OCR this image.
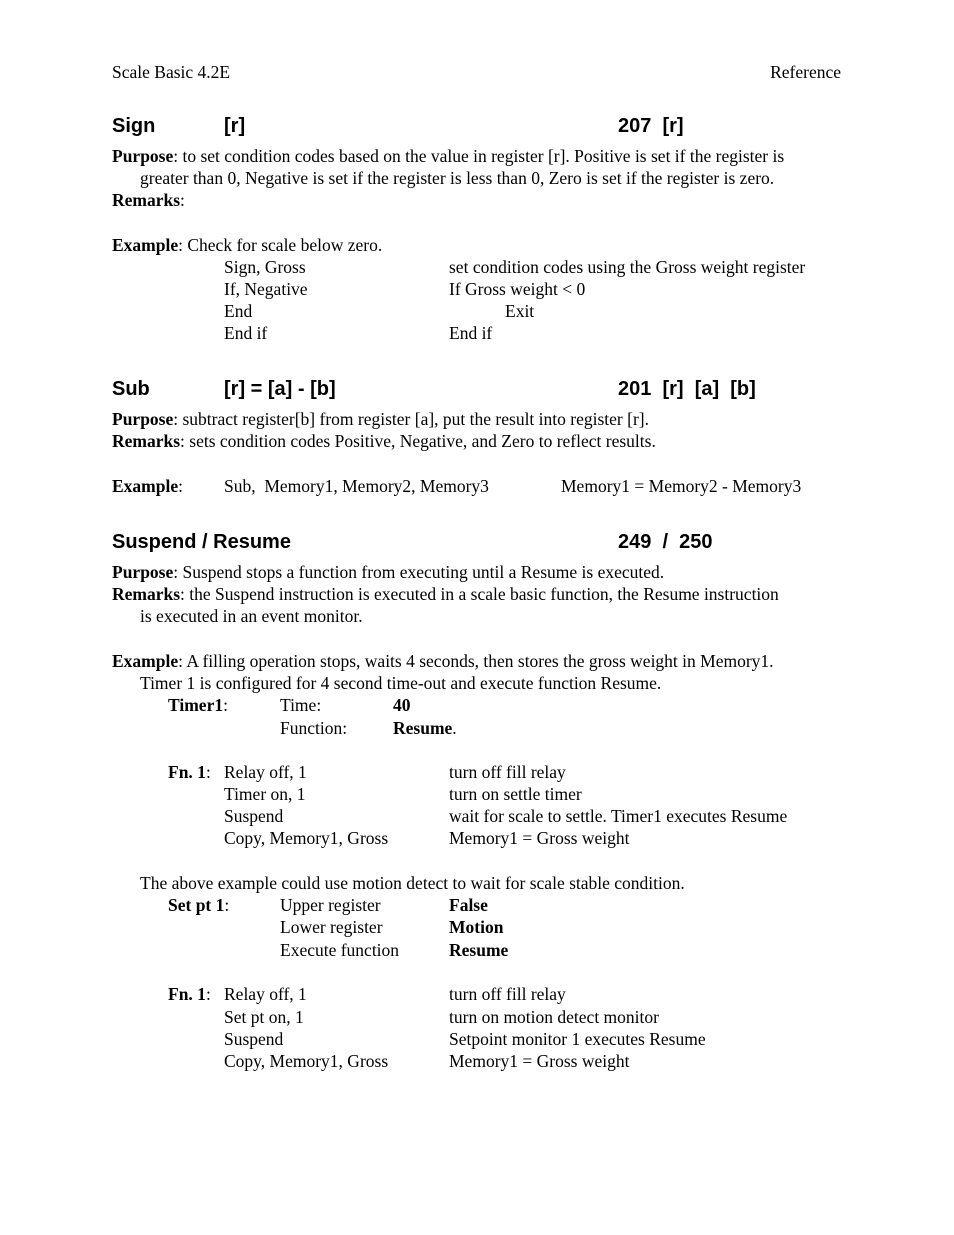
Scale Basic 4.2E	Reference
Sign	[r]	207  [r]
Purpose: to set condition codes based on the value in register [r]. Positive is set if the register is
greater than 0, Negative is set if the register is less than 0, Zero is set if the register is zero.
Remarks:
Example: Check for scale below zero.
Sign, Gross	set condition codes using the Gross weight register
If, Negative	If Gross weight < 0
End	Exit
End if	End if
Sub	[r] = [a] - [b]	201  [r]  [a]  [b]
Purpose: subtract register[b] from register [a], put the result into register [r].
Remarks: sets condition codes Positive, Negative, and Zero to reflect results.
Example: Sub,  Memory1, Memory2, Memory3	Memory1 = Memory2 - Memory3
Suspend / Resume	249  /  250
Purpose: Suspend stops a function from executing until a Resume is executed.
Remarks: the Suspend instruction is executed in a scale basic function, the Resume instruction
is executed in an event monitor.
Example: A filling operation stops, waits 4 seconds, then stores the gross weight in Memory1.
Timer 1 is configured for 4 second time-out and execute function Resume.
Timer1:	Time:	40
Function:	Resume.
Fn. 1: Relay off, 1	turn off fill relay
Timer on, 1	turn on settle timer
Suspend	wait for scale to settle. Timer1 executes Resume
Copy, Memory1, Gross	Memory1 = Gross weight
The above example could use motion detect to wait for scale stable condition.
Set pt 1:	Upper register	False
Lower register	Motion
Execute function	Resume
Fn. 1: Relay off, 1	turn off fill relay
Set pt on, 1	turn on motion detect monitor
Suspend	Setpoint monitor 1 executes Resume
Copy, Memory1, Gross	Memory1 = Gross weight
